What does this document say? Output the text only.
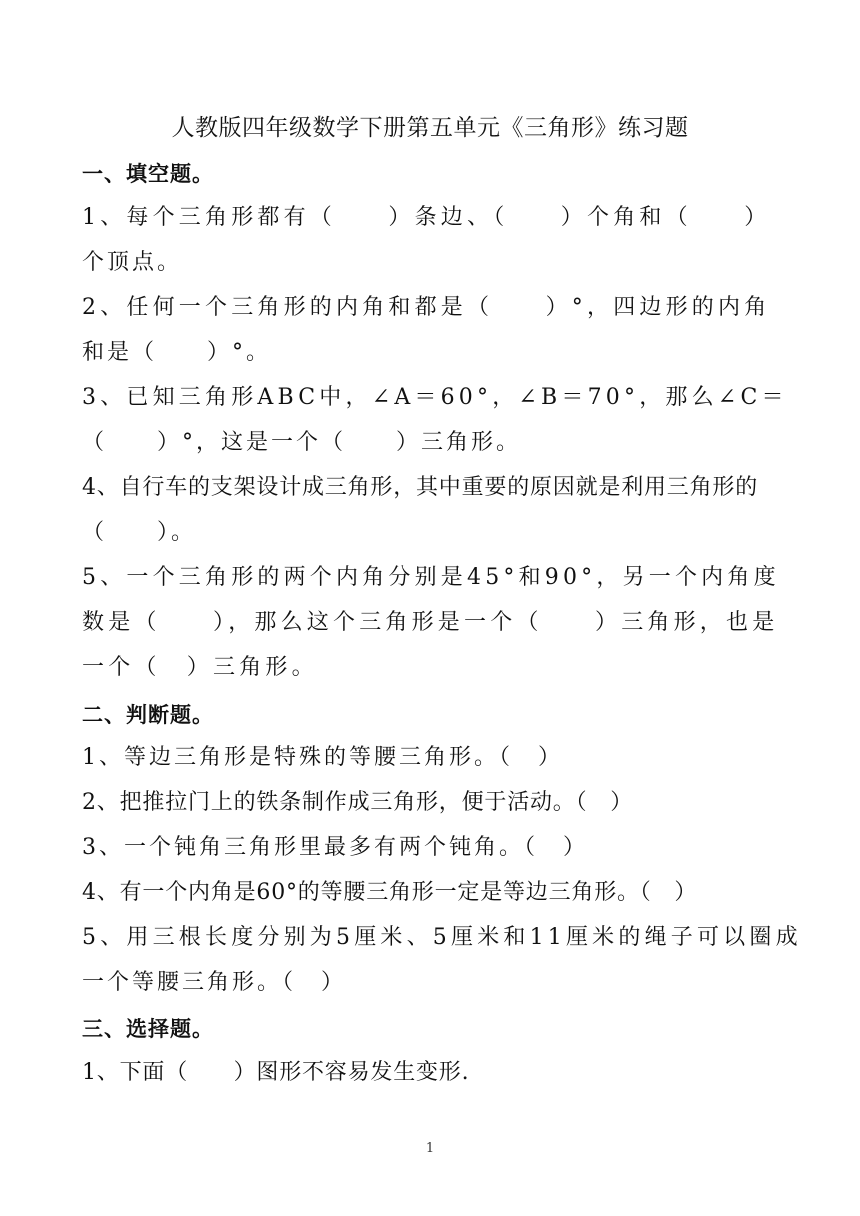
人教版四年级数学下册第五单元《三角形》练习题
一、填空题。
1、每个三角形都有（　　）条边、（　　）个角和（　　）
个顶点。
2、任何一个三角形的内角和都是（　　）°，四边形的内角
和是（　　）°。
3、已知三角形ABC中，∠A＝60°，∠B＝70°，那么∠C＝
（　　）°，这是一个（　　）三角形。
4、自行车的支架设计成三角形，其中重要的原因就是利用三角形的
（　　）。
5、一个三角形的两个内角分别是45°和90°，另一个内角度
数是（　　），那么这个三角形是一个（　　）三角形，也是
一个（　）三角形。
二、判断题。
1、等边三角形是特殊的等腰三角形。（　）
2、把推拉门上的铁条制作成三角形，便于活动。（　）
3、一个钝角三角形里最多有两个钝角。（　）
4、有一个内角是60°的等腰三角形一定是等边三角形。（　）
5、用三根长度分别为5厘米、5厘米和11厘米的绳子可以圈成
一个等腰三角形。（　）
三、选择题。
1、下面（　　）图形不容易发生变形.
1
